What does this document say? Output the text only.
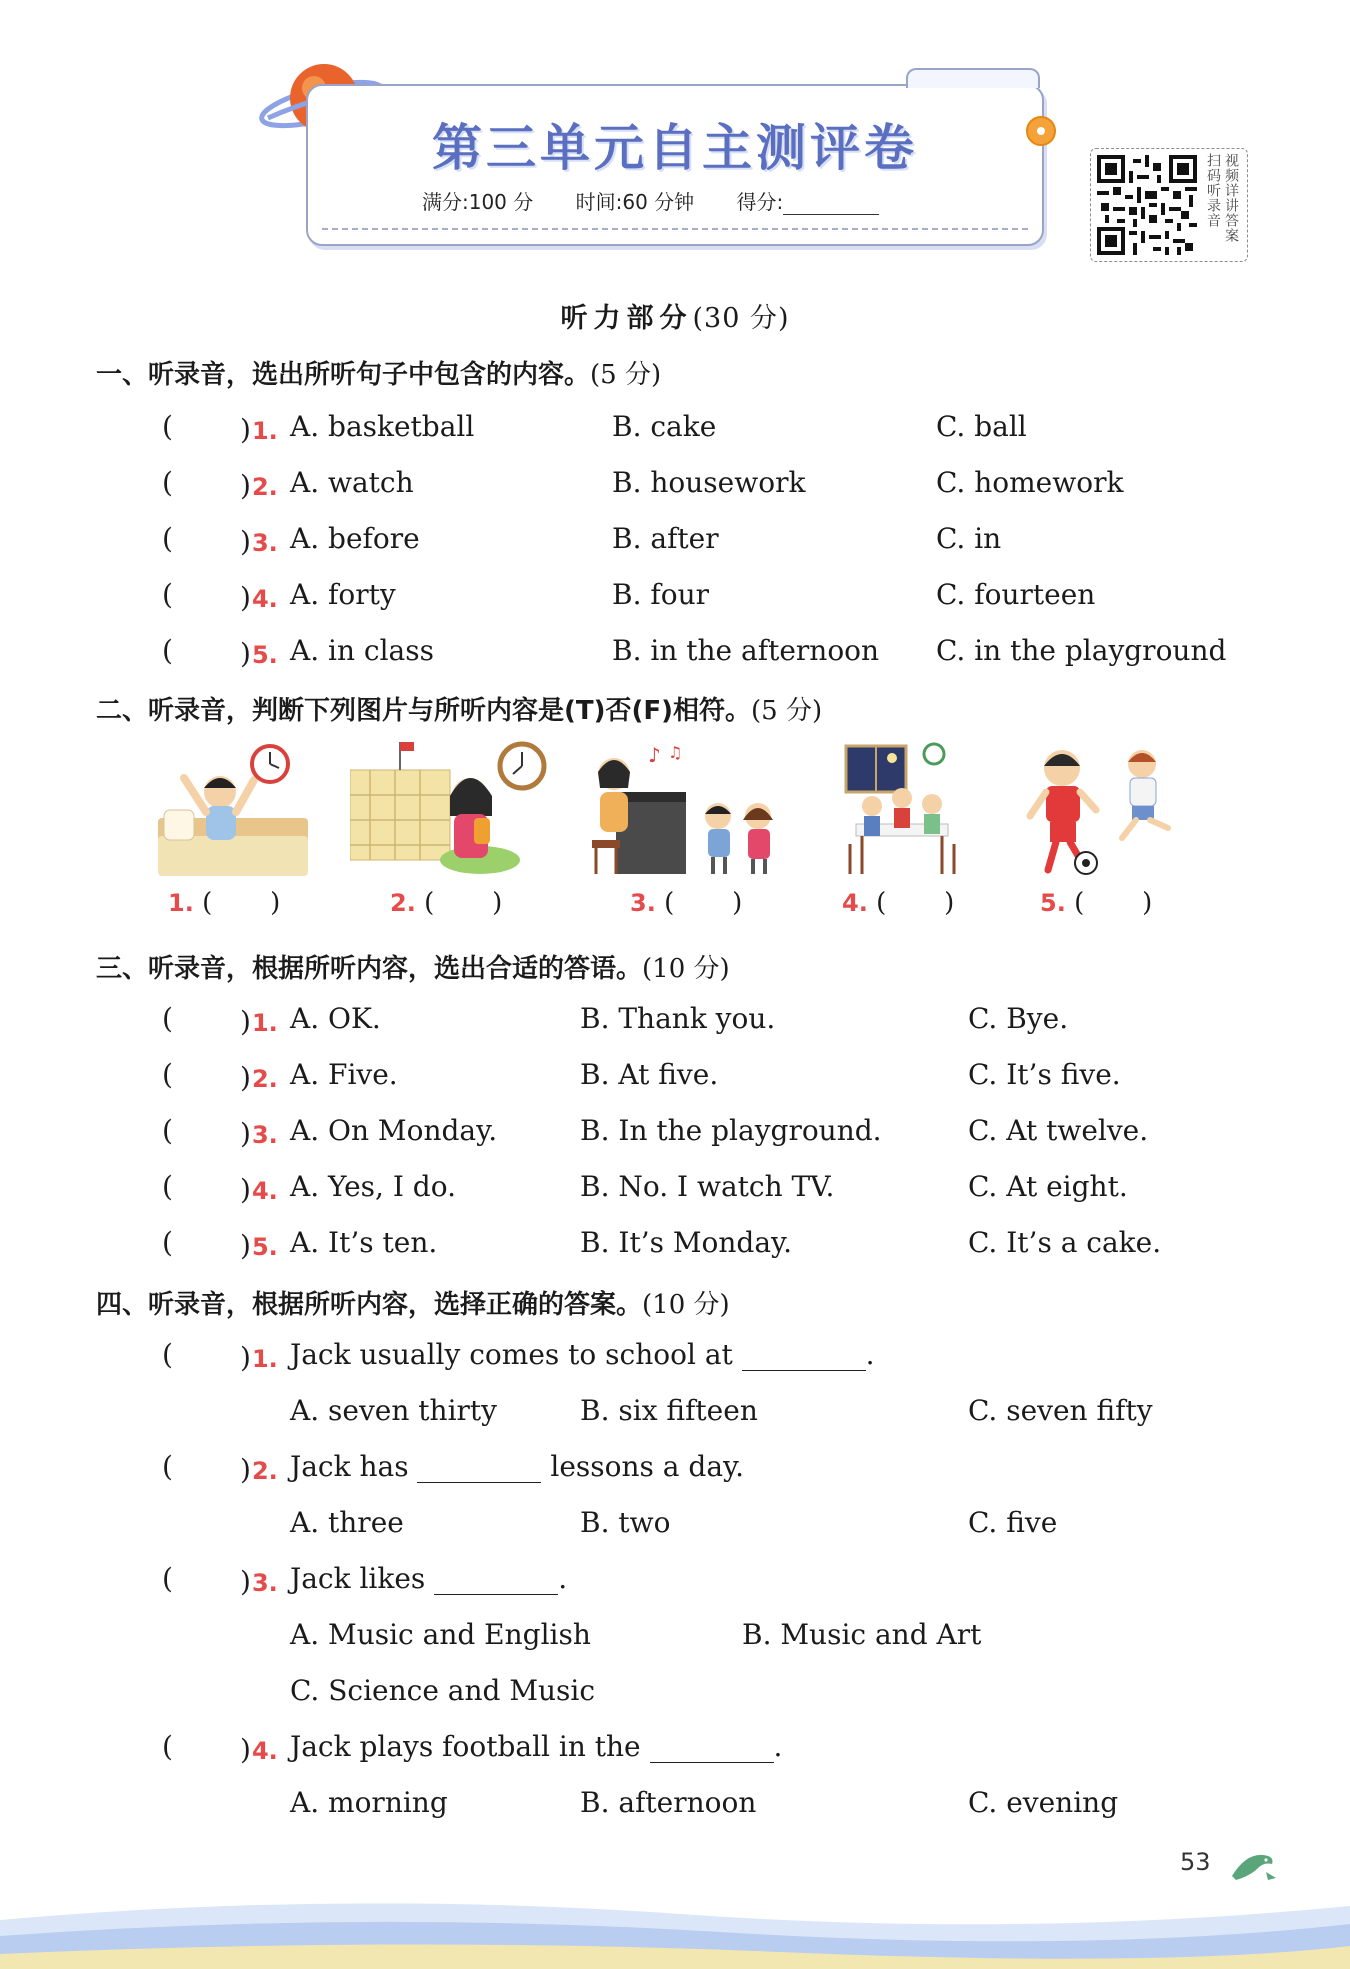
第三单元自主测评卷
满分:100 分 时间:60 分钟 得分:	扫码听录音 视频详讲答案
听力部分(30 分)
一、听录音，选出所听句子中包含的内容。(5 分)
(	) 1. A. basketball	B. cake	C. ball
(	) 2. A. watch	B. housework	C. homework
(	) 3. A. before	B. after	C. in
(	) 4. A. forty	B. four	C. fourteen
(	) 5. A. in class	B. in the afternoon C. in the playground
二、听录音，判断下列图片与所听内容是(T)否(F)相符。(5 分)
♪ ♫
1. (       )	2. (       )	3. (       )	4. (       )	5. (       )
三、听录音，根据所听内容，选出合适的答语。(10 分)
(	) 1. A. OK.	B. Thank you.	C. Bye.
(	) 2. A. Five.	B. At five.	C. It’s five.
(	) 3. A. On Monday.	B. In the playground.	C. At twelve.
(	) 4. A. Yes, I do.	B. No. I watch TV.	C. At eight.
(	) 5. A. It’s ten.	B. It’s Monday.	C. It’s a cake.
四、听录音，根据所听内容，选择正确的答案。(10 分)
(	) 1. Jack usually comes to school at	.
A. seven thirty	B. six fifteen	C. seven fifty
(	) 2. Jack has	lessons a day.
A. three	B. two	C. five
(	) 3. Jack likes	.
A. Music and English	B. Music and Art
C. Science and Music
(	) 4. Jack plays football in the	.
A. morning	B. afternoon	C. evening
53
